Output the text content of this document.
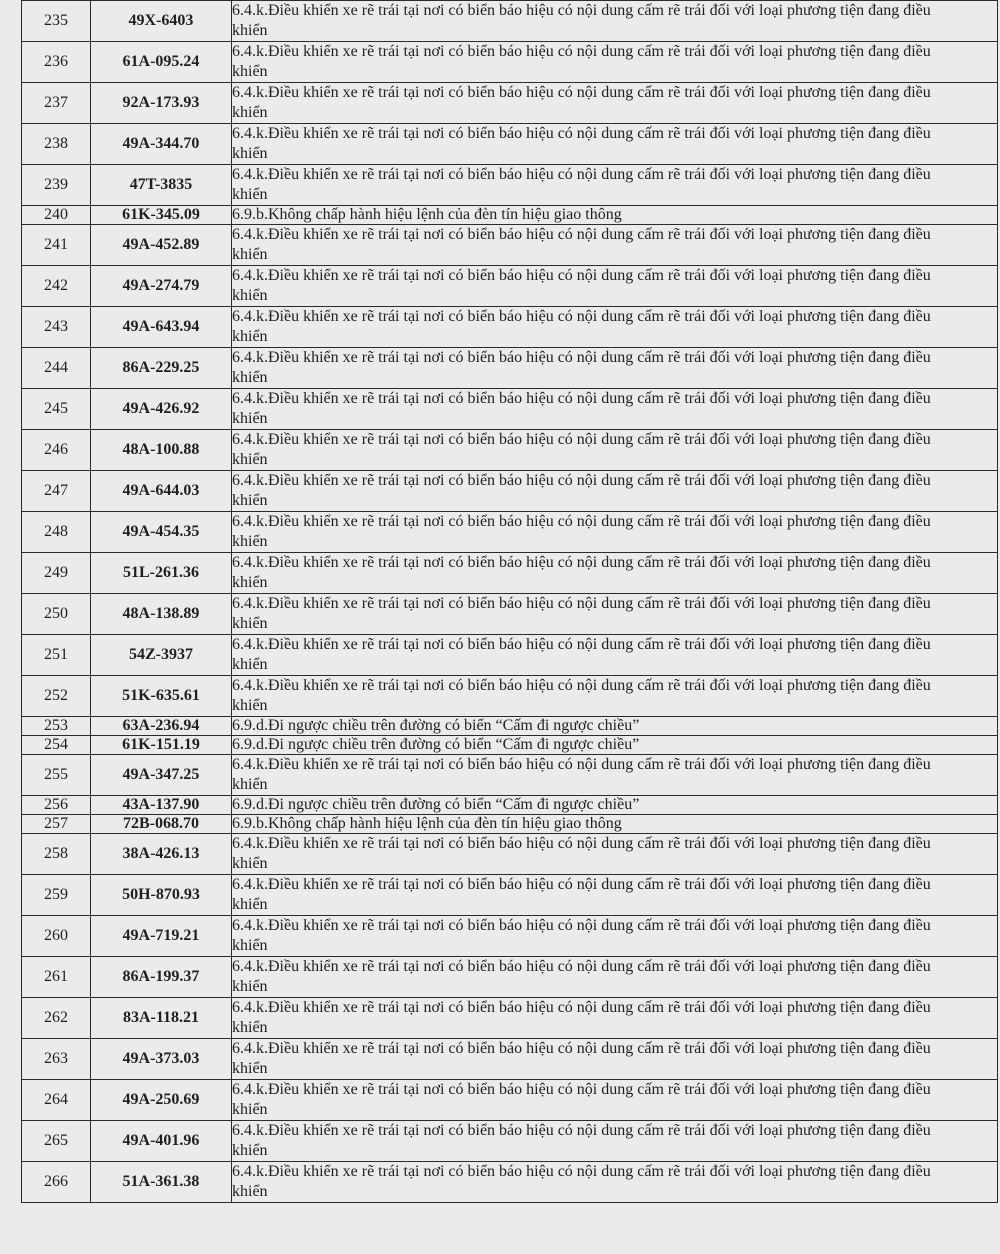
235	49X-6403	6.4.k.Điều khiển xe rẽ trái tại nơi có biển báo hiệu có nội dung cấm rẽ trái đối với loại phương tiện đang điều
khiển

236	61A-095.24	6.4.k.Điều khiển xe rẽ trái tại nơi có biển báo hiệu có nội dung cấm rẽ trái đối với loại phương tiện đang điều
khiển

237	92A-173.93	6.4.k.Điều khiển xe rẽ trái tại nơi có biển báo hiệu có nội dung cấm rẽ trái đối với loại phương tiện đang điều
khiển

238	49A-344.70	6.4.k.Điều khiển xe rẽ trái tại nơi có biển báo hiệu có nội dung cấm rẽ trái đối với loại phương tiện đang điều
khiển

239	47T-3835	6.4.k.Điều khiển xe rẽ trái tại nơi có biển báo hiệu có nội dung cấm rẽ trái đối với loại phương tiện đang điều
khiển

240	61K-345.09	6.9.b.Không chấp hành hiệu lệnh của đèn tín hiệu giao thông

241	49A-452.89	6.4.k.Điều khiển xe rẽ trái tại nơi có biển báo hiệu có nội dung cấm rẽ trái đối với loại phương tiện đang điều
khiển

242	49A-274.79	6.4.k.Điều khiển xe rẽ trái tại nơi có biển báo hiệu có nội dung cấm rẽ trái đối với loại phương tiện đang điều
khiển

243	49A-643.94	6.4.k.Điều khiển xe rẽ trái tại nơi có biển báo hiệu có nội dung cấm rẽ trái đối với loại phương tiện đang điều
khiển

244	86A-229.25	6.4.k.Điều khiển xe rẽ trái tại nơi có biển báo hiệu có nội dung cấm rẽ trái đối với loại phương tiện đang điều
khiển

245	49A-426.92	6.4.k.Điều khiển xe rẽ trái tại nơi có biển báo hiệu có nội dung cấm rẽ trái đối với loại phương tiện đang điều
khiển

246	48A-100.88	6.4.k.Điều khiển xe rẽ trái tại nơi có biển báo hiệu có nội dung cấm rẽ trái đối với loại phương tiện đang điều
khiển

247	49A-644.03	6.4.k.Điều khiển xe rẽ trái tại nơi có biển báo hiệu có nội dung cấm rẽ trái đối với loại phương tiện đang điều
khiển

248	49A-454.35	6.4.k.Điều khiển xe rẽ trái tại nơi có biển báo hiệu có nội dung cấm rẽ trái đối với loại phương tiện đang điều
khiển

249	51L-261.36	6.4.k.Điều khiển xe rẽ trái tại nơi có biển báo hiệu có nội dung cấm rẽ trái đối với loại phương tiện đang điều
khiển

250	48A-138.89	6.4.k.Điều khiển xe rẽ trái tại nơi có biển báo hiệu có nội dung cấm rẽ trái đối với loại phương tiện đang điều
khiển

251	54Z-3937	6.4.k.Điều khiển xe rẽ trái tại nơi có biển báo hiệu có nội dung cấm rẽ trái đối với loại phương tiện đang điều
khiển

252	51K-635.61	6.4.k.Điều khiển xe rẽ trái tại nơi có biển báo hiệu có nội dung cấm rẽ trái đối với loại phương tiện đang điều
khiển

253	63A-236.94	6.9.d.Đi ngược chiều trên đường có biển “Cấm đi ngược chiều”

254	61K-151.19	6.9.d.Đi ngược chiều trên đường có biển “Cấm đi ngược chiều”

255	49A-347.25	6.4.k.Điều khiển xe rẽ trái tại nơi có biển báo hiệu có nội dung cấm rẽ trái đối với loại phương tiện đang điều
khiển

256	43A-137.90	6.9.d.Đi ngược chiều trên đường có biển “Cấm đi ngược chiều”

257	72B-068.70	6.9.b.Không chấp hành hiệu lệnh của đèn tín hiệu giao thông

258	38A-426.13	6.4.k.Điều khiển xe rẽ trái tại nơi có biển báo hiệu có nội dung cấm rẽ trái đối với loại phương tiện đang điều
khiển

259	50H-870.93	6.4.k.Điều khiển xe rẽ trái tại nơi có biển báo hiệu có nội dung cấm rẽ trái đối với loại phương tiện đang điều
khiển

260	49A-719.21	6.4.k.Điều khiển xe rẽ trái tại nơi có biển báo hiệu có nội dung cấm rẽ trái đối với loại phương tiện đang điều
khiển

261	86A-199.37	6.4.k.Điều khiển xe rẽ trái tại nơi có biển báo hiệu có nội dung cấm rẽ trái đối với loại phương tiện đang điều
khiển

262	83A-118.21	6.4.k.Điều khiển xe rẽ trái tại nơi có biển báo hiệu có nội dung cấm rẽ trái đối với loại phương tiện đang điều
khiển

263	49A-373.03	6.4.k.Điều khiển xe rẽ trái tại nơi có biển báo hiệu có nội dung cấm rẽ trái đối với loại phương tiện đang điều
khiển

264	49A-250.69	6.4.k.Điều khiển xe rẽ trái tại nơi có biển báo hiệu có nội dung cấm rẽ trái đối với loại phương tiện đang điều
khiển

265	49A-401.96	6.4.k.Điều khiển xe rẽ trái tại nơi có biển báo hiệu có nội dung cấm rẽ trái đối với loại phương tiện đang điều
khiển

266	51A-361.38	6.4.k.Điều khiển xe rẽ trái tại nơi có biển báo hiệu có nội dung cấm rẽ trái đối với loại phương tiện đang điều
khiển
